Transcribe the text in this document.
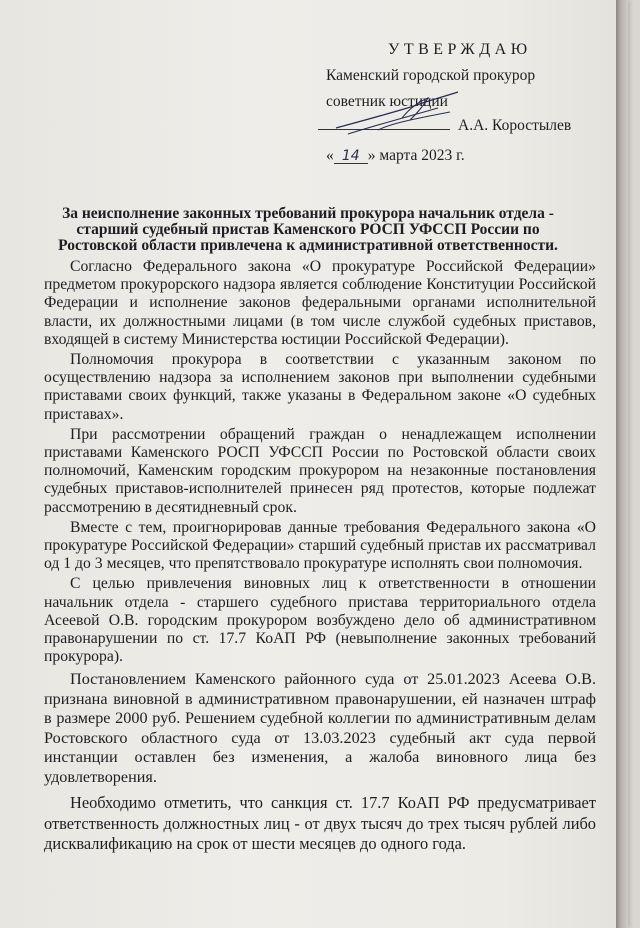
УТВЕРЖДАЮ
Каменский городской прокурор
советник юстиции
А.А. Коростылев
« 14 » марта 2023 г.
За неисполнение законных требований прокурора начальник отдела - старший судебный пристав Каменского РОСП УФССП России по Ростовской области привлечена к административной ответственности.

Согласно Федерального закона «О прокуратуре Российской Федерации» предметом прокурорского надзора является соблюдение Конституции Российской Федерации и исполнение законов федеральными органами исполнительной власти, их должностными лицами (в том числе службой судебных приставов, входящей в систему Министерства юстиции Российской Федерации).

Полномочия прокурора в соответствии с указанным законом по осуществлению надзора за исполнением законов при выполнении судебными приставами своих функций, также указаны в Федеральном законе «О судебных приставах».

При рассмотрении обращений граждан о ненадлежащем исполнении приставами Каменского РОСП УФССП России по Ростовской области своих полномочий, Каменским городским прокурором на незаконные постановления судебных приставов-исполнителей принесен ряд протестов, которые подлежат рассмотрению в десятидневный срок.

Вместе с тем, проигнорировав данные требования Федерального закона «О прокуратуре Российской Федерации» старший судебный пристав их рассматривал од 1 до 3 месяцев, что препятствовало прокуратуре исполнять свои полномочия.

С целью привлечения виновных лиц к ответственности в отношении начальник отдела - старшего судебного пристава территориального отдела Асеевой О.В. городским прокурором возбуждено дело об административном правонарушении по ст. 17.7 КоАП РФ (невыполнение законных требований прокурора).

Постановлением Каменского районного суда от 25.01.2023 Асеева О.В. признана виновной в административном правонарушении, ей назначен штраф в размере 2000 руб. Решением судебной коллегии по административным делам Ростовского областного суда от 13.03.2023 судебный акт суда первой инстанции оставлен без изменения, а жалоба виновного лица без удовлетворения.

Необходимо отметить, что санкция ст. 17.7 КоАП РФ предусматривает ответственность должностных лиц - от двух тысяч до трех тысяч рублей либо дисквалификацию на срок от шести месяцев до одного года.
